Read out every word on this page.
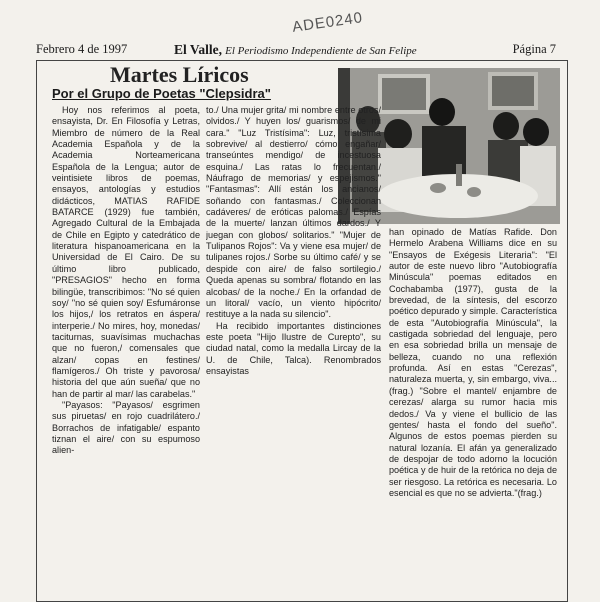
ADE0240
Febrero 4 de 1997	El Valle, El Periodismo Independiente de San Felipe	Página 7
Martes Líricos
Por el Grupo de Poetas "Clepsidra"

Hoy nos referimos al poeta, ensayista, Dr. En Filosofía y Letras, Miembro de número de la Real Academia Española y de la Academia Norteamericana Española de la Lengua; autor de veintisiete libros de poemas, ensayos, antologías y estudios didácticos, MATIAS RAFIDE BATARCE (1929) fue también, Agregado Cultural de la Embajada de Chile en Egipto y catedrático de literatura hispanoamericana en la Universidad de El Cairo. De su último libro publicado, "PRESAGIOS" hecho en forma bilingüe, transcribimos: "No sé quien soy/ "no sé quien soy/ Esfumáronse los hijos,/ los retratos en áspera/ interperie./ No mires, hoy, monedas/ taciturnas, suavísimas muchachas que no fueron,/ comensales que alzan/ copas en festines/ flamígeros./ Oh triste y pavorosa/ historia del que aún sueña/ que no han de partir al mar/ las carabelas."

"Payasos: "Payasos/ esgrimen sus piruetas/ en rojo cuadrilátero./ Borrachos de infatigable/ espanto tiznan el aire/ con su espumoso alien-

to./ Una mujer grita/ mi nombre entre otros/ olvidos./ Y huyen los/ guarismos/ de mi cara." "Luz Tristísima": Luz, tristísima sobrevive/ al destierro/ cómo engañar/ transeúntes mendigo/ de incestuosa esquina./ Las ratas lo frecuentan./ Náufrago de memorias/ y espejismos." "Fantasmas": Allí están los ancianos/ soñando con fantasmas./ Coleccionan cadáveres/ de eróticas palomas./ Espías de la muerte/ lanzan últimos dardos./ Y juegan con globos/ solitarios." "Mujer de Tulipanos Rojos": Va y viene esa mujer/ de tulipanes rojos./ Sorbe su último café/ y se despide con aire/ de falso sortilegio./ Queda apenas su sombra/ flotando en las alcobas/ de la noche./ En la orfandad de un litoral/ vacío, un viento hipócrito/ restituye a la nada su silencio".

Ha recibido importantes distinciones este poeta "Hijo Ilustre de Curepto", su ciudad natal, como la medalla Lircay de la U. de Chile, Talca). Renombrados ensayistas

han opinado de Matías Rafide. Don Hermelo Arabena Williams dice en su "Ensayos de Exégesis Literaria": "El autor de este nuevo libro "Autobiografía Minúscula" poemas editados en Cochabamba (1977), gusta de la brevedad, de la síntesis, del escorzo poético depurado y simple. Característica de esta "Autobiografía Minúscula", la castigada sobriedad del lenguaje, pero en esa sobriedad brilla un mensaje de belleza, cuando no una reflexión profunda. Así en estas "Cerezas", naturaleza muerta, y, sin embargo, viva...(frag.) "Sobre el mantel/ enjambre de cerezas/ alarga su rumor hacia mis dedos./ Va y viene el bullicio de las gentes/ hasta el fondo del sueño". Algunos de estos poemas pierden su natural lozanía. El afán ya generalizado de despojar de todo adorno la locución poética y de huir de la retórica no deja de ser riesgoso. La retórica es necesaria. Lo esencial es que no se advierta."(frag.)
